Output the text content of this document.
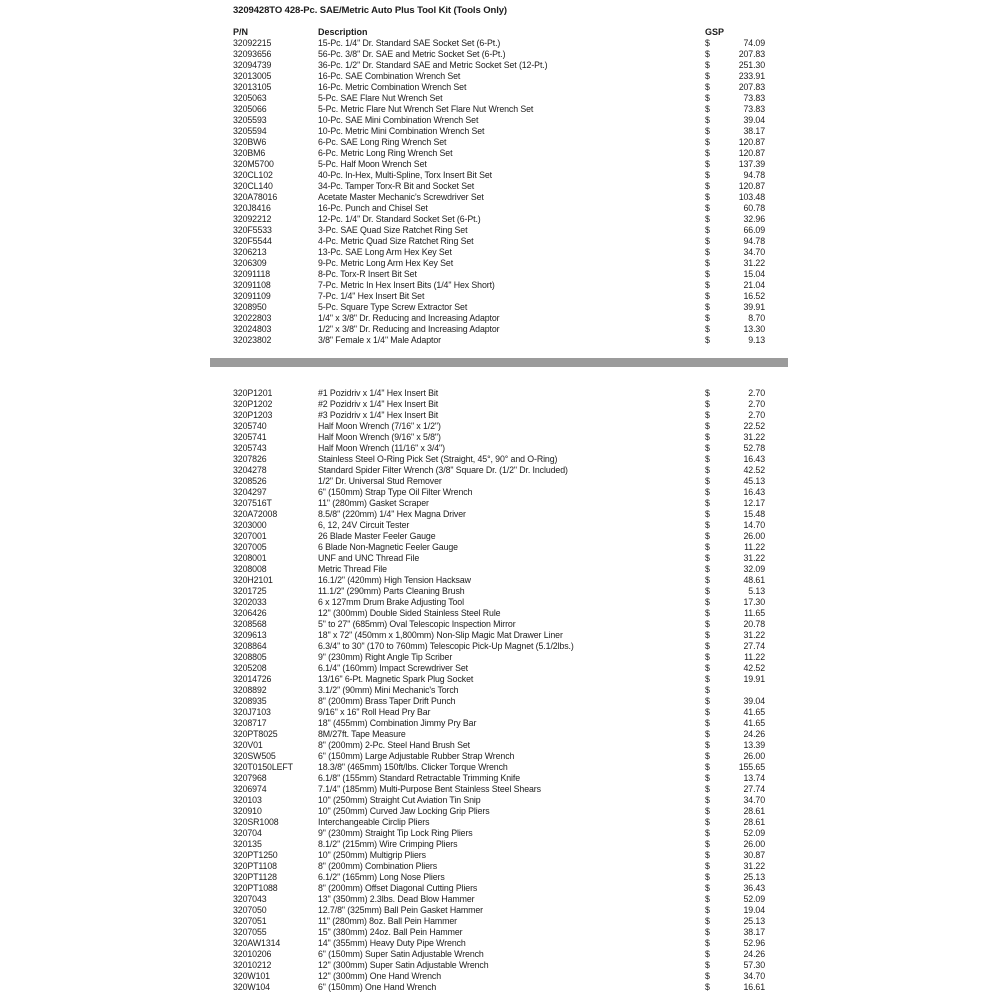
3209428TO 428-Pc. SAE/Metric Auto Plus Tool Kit (Tools Only)
P/N	Description	GSP
32092215	15-Pc. 1/4" Dr. Standard SAE Socket Set (6-Pt.)	$	74.09
32093656	56-Pc. 3/8" Dr. SAE and Metric Socket Set (6-Pt.)	$	207.83
32094739	36-Pc. 1/2" Dr. Standard SAE and Metric Socket Set (12-Pt.)	$	251.30
32013005	16-Pc. SAE Combination Wrench Set	$	233.91
32013105	16-Pc. Metric Combination Wrench Set	$	207.83
3205063	5-Pc. SAE Flare Nut Wrench Set	$	73.83
3205066	5-Pc. Metric Flare Nut Wrench Set Flare Nut Wrench Set	$	73.83
3205593	10-Pc. SAE Mini Combination Wrench Set	$	39.04
3205594	10-Pc. Metric Mini Combination Wrench Set	$	38.17
320BW6	6-Pc. SAE Long Ring Wrench Set	$	120.87
320BM6	6-Pc. Metric Long Ring Wrench Set	$	120.87
320M5700	5-Pc. Half Moon Wrench Set	$	137.39
320CL102	40-Pc. In-Hex, Multi-Spline, Torx Insert Bit Set	$	94.78
320CL140	34-Pc. Tamper Torx-R Bit and Socket Set	$	120.87
320A78016	Acetate Master Mechanic's Screwdriver Set	$	103.48
320J8416	16-Pc. Punch and Chisel Set	$	60.78
32092212	12-Pc. 1/4" Dr. Standard Socket Set (6-Pt.)	$	32.96
320F5533	3-Pc. SAE Quad Size Ratchet Ring Set	$	66.09
320F5544	4-Pc. Metric Quad Size Ratchet Ring Set	$	94.78
3206213	13-Pc. SAE Long Arm Hex Key Set	$	34.70
3206309	9-Pc. Metric Long Arm Hex Key Set	$	31.22
32091118	8-Pc. Torx-R Insert Bit Set	$	15.04
32091108	7-Pc. Metric In Hex Insert Bits (1/4" Hex Short)	$	21.04
32091109	7-Pc. 1/4" Hex Insert Bit Set	$	16.52
3208950	5-Pc. Square Type Screw Extractor Set	$	39.91
32022803	1/4" x 3/8" Dr. Reducing and Increasing Adaptor	$	8.70
32024803	1/2" x 3/8" Dr. Reducing and Increasing Adaptor	$	13.30
32023802	3/8" Female x 1/4" Male Adaptor	$	9.13
320P1201	#1 Pozidriv x 1/4" Hex Insert Bit	$	2.70
320P1202	#2 Pozidriv x 1/4" Hex Insert Bit	$	2.70
320P1203	#3 Pozidriv x 1/4" Hex Insert Bit	$	2.70
3205740	Half Moon Wrench (7/16" x 1/2")	$	22.52
3205741	Half Moon Wrench (9/16" x 5/8")	$	31.22
3205743	Half Moon Wrench (11/16" x 3/4")	$	52.78
3207826	Stainless Steel O-Ring Pick Set (Straight, 45°, 90° and O-Ring)	$	16.43
3204278	Standard Spider Filter Wrench (3/8" Square Dr. (1/2" Dr. Included)	$	42.52
3208526	1/2" Dr. Universal Stud Remover	$	45.13
3204297	6" (150mm) Strap Type Oil Filter Wrench	$	16.43
3207516T	11" (280mm) Gasket Scraper	$	12.17
320A72008	8.5/8" (220mm) 1/4" Hex Magna Driver	$	15.48
3203000	6, 12, 24V Circuit Tester	$	14.70
3207001	26 Blade Master Feeler Gauge	$	26.00
3207005	6 Blade Non-Magnetic Feeler Gauge	$	11.22
3208001	UNF and UNC Thread File	$	31.22
3208008	Metric Thread File	$	32.09
320H2101	16.1/2" (420mm) High Tension Hacksaw	$	48.61
3201725	11.1/2" (290mm) Parts Cleaning Brush	$	5.13
3202033	6 x 127mm Drum Brake Adjusting Tool	$	17.30
3206426	12" (300mm) Double Sided Stainless Steel Rule	$	11.65
3208568	5" to 27" (685mm) Oval Telescopic Inspection Mirror	$	20.78
3209613	18" x 72" (450mm x 1,800mm) Non-Slip Magic Mat Drawer Liner	$	31.22
3208864	6.3/4" to 30" (170 to 760mm) Telescopic Pick-Up Magnet (5.1/2lbs.)	$	27.74
3208805	9" (230mm) Right Angle Tip Scriber	$	11.22
3205208	6.1/4" (160mm) Impact Screwdriver Set	$	42.52
32014726	13/16" 6-Pt. Magnetic Spark Plug Socket	$	19.91
3208892	3.1/2" (90mm) Mini Mechanic's Torch	$
3208935	8" (200mm) Brass Taper Drift Punch	$	39.04
320J7103	9/16" x 16" Roll Head Pry Bar	$	41.65
3208717	18" (455mm) Combination Jimmy Pry Bar	$	41.65
320PT8025	8M/27ft. Tape Measure	$	24.26
320V01	8" (200mm) 2-Pc. Steel Hand Brush Set	$	13.39
320SW505	6" (150mm) Large Adjustable Rubber Strap Wrench	$	26.00
320T0150LEFT	18.3/8" (465mm) 150ft/lbs. Clicker Torque Wrench	$	155.65
3207968	6.1/8" (155mm) Standard Retractable Trimming Knife	$	13.74
3206974	7.1/4" (185mm) Multi-Purpose Bent Stainless Steel Shears	$	27.74
320103	10" (250mm) Straight Cut Aviation Tin Snip	$	34.70
320910	10" (250mm) Curved Jaw Locking Grip Pliers	$	28.61
320SR1008	Interchangeable Circlip Pliers	$	28.61
320704	9" (230mm) Straight Tip Lock Ring Pliers	$	52.09
320135	8.1/2" (215mm) Wire Crimping Pliers	$	26.00
320PT1250	10" (250mm) Multigrip Pliers	$	30.87
320PT1108	8" (200mm) Combination Pliers	$	31.22
320PT1128	6.1/2" (165mm) Long Nose Pliers	$	25.13
320PT1088	8" (200mm) Offset Diagonal Cutting Pliers	$	36.43
3207043	13" (350mm) 2.3lbs. Dead Blow Hammer	$	52.09
3207050	12.7/8" (325mm) Ball Pein Gasket Hammer	$	19.04
3207051	11" (280mm) 8oz. Ball Pein Hammer	$	25.13
3207055	15" (380mm) 24oz. Ball Pein Hammer	$	38.17
320AW1314	14" (355mm) Heavy Duty Pipe Wrench	$	52.96
32010206	6" (150mm) Super Satin Adjustable Wrench	$	24.26
32010212	12" (300mm) Super Satin Adjustable Wrench	$	57.30
320W101	12" (300mm) One Hand Wrench	$	34.70
320W104	6" (150mm) One Hand Wrench	$	16.61
